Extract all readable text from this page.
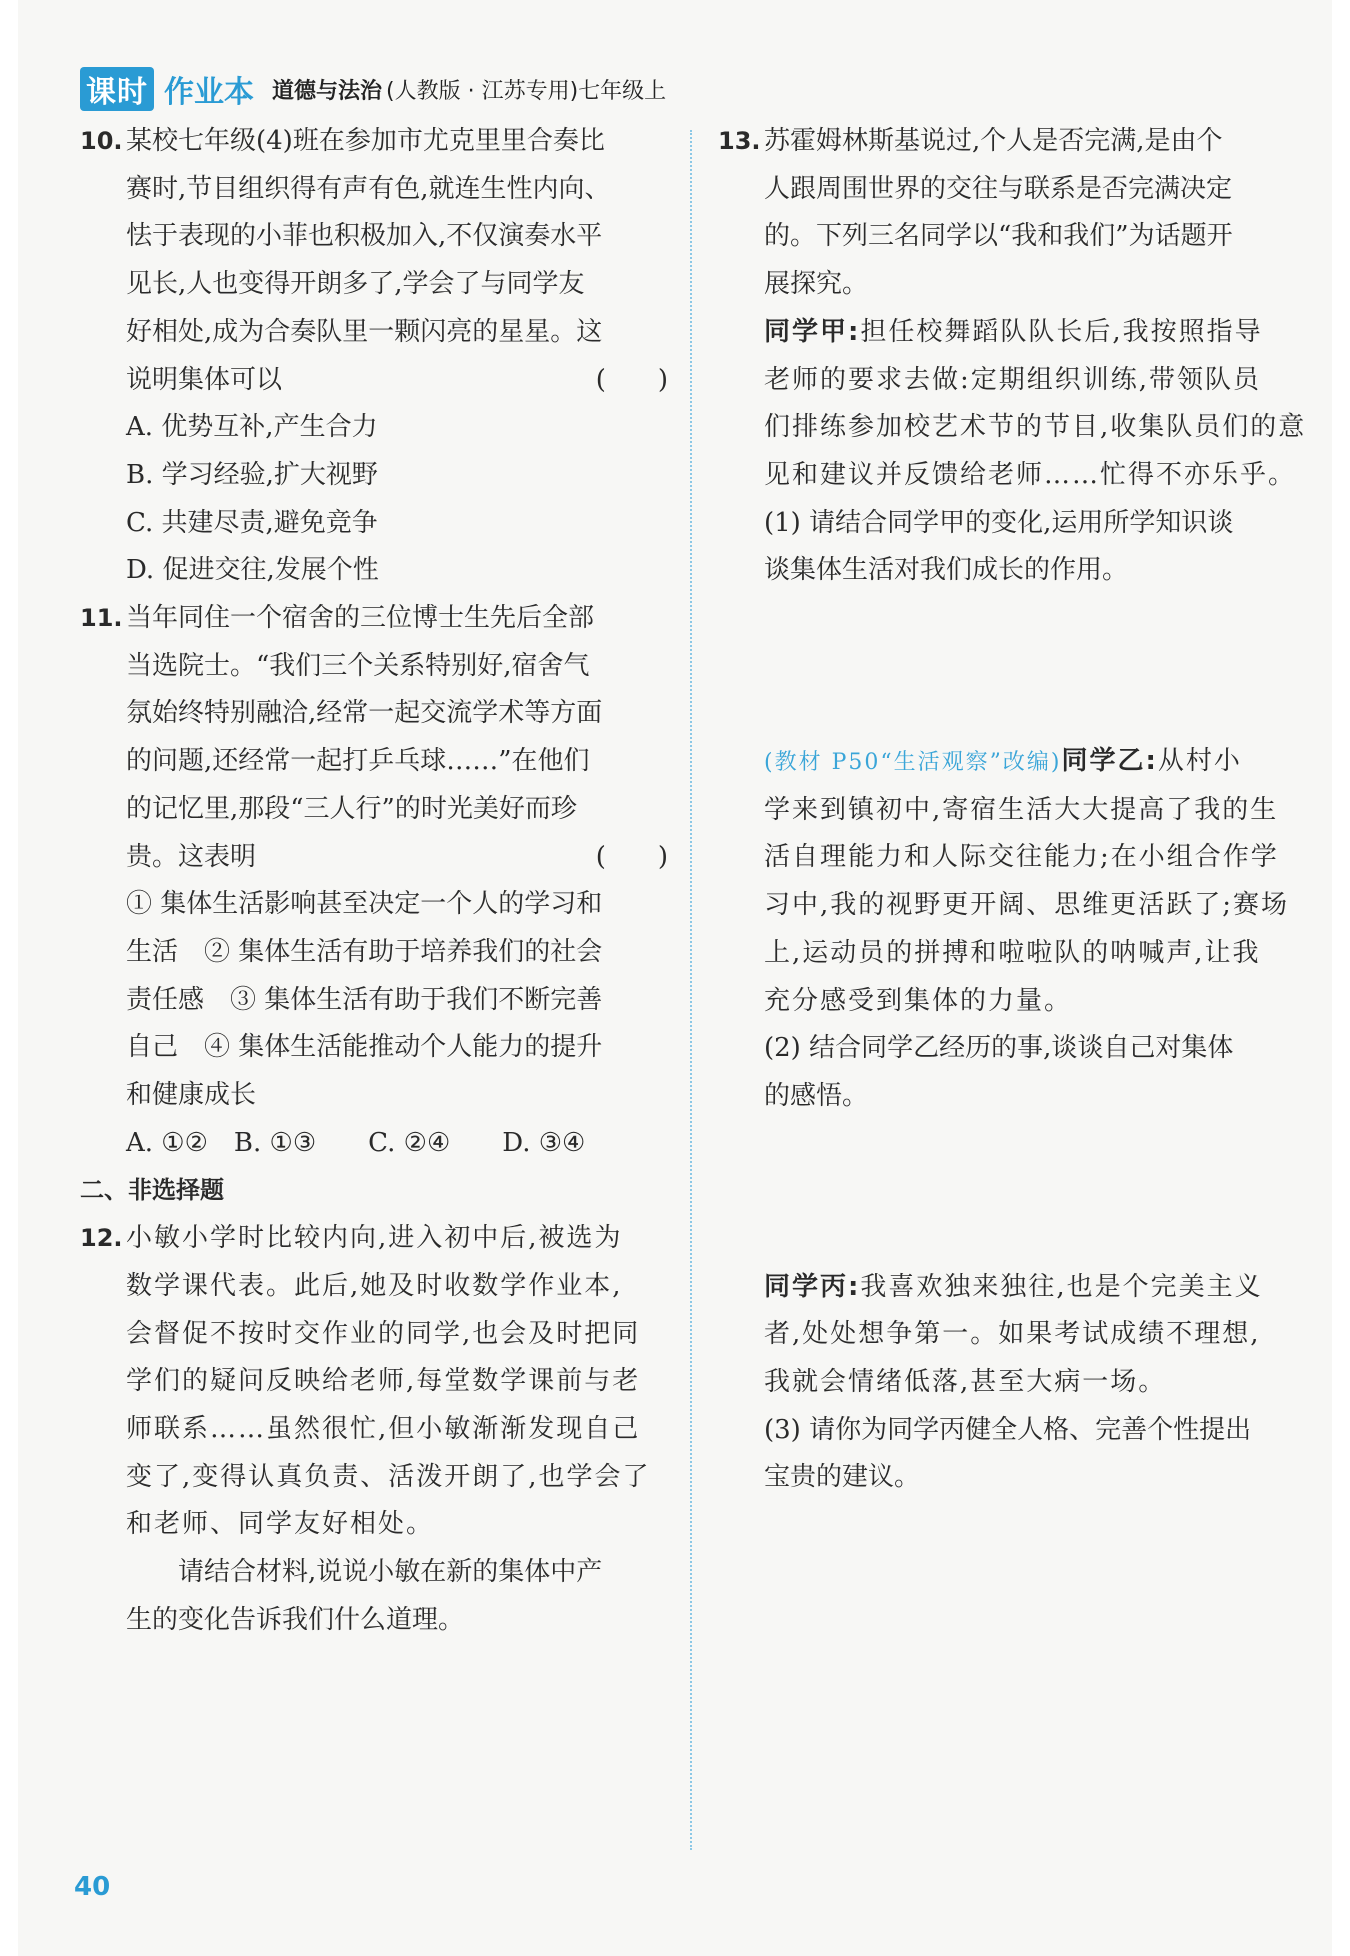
课时 作业本 道德与法治 (人教版 · 江苏专用)七年级上
10. 某校七年级(4)班在参加市尤克里里合奏比
赛时,节目组织得有声有色,就连生性内向、
怯于表现的小菲也积极加入,不仅演奏水平
见长,人也变得开朗多了,学会了与同学友
好相处,成为合奏队里一颗闪亮的星星。这
说明集体可以	(　　)
A. 优势互补,产生合力
B. 学习经验,扩大视野
C. 共建尽责,避免竞争
D. 促进交往,发展个性
11. 当年同住一个宿舍的三位博士生先后全部
当选院士。“我们三个关系特别好,宿舍气
氛始终特别融洽,经常一起交流学术等方面
的问题,还经常一起打乒乓球……”在他们
的记忆里,那段“三人行”的时光美好而珍
贵。这表明	(　　)
① 集体生活影响甚至决定一个人的学习和
生活　② 集体生活有助于培养我们的社会
责任感　③ 集体生活有助于我们不断完善
自己　④ 集体生活能推动个人能力的提升
和健康成长
A. ①②　B. ①③　　C. ②④　　D. ③④
二、非选择题
12. 小敏小学时比较内向,进入初中后,被选为
数学课代表。此后,她及时收数学作业本,
会督促不按时交作业的同学,也会及时把同
学们的疑问反映给老师,每堂数学课前与老
师联系……虽然很忙,但小敏渐渐发现自己
变了,变得认真负责、活泼开朗了,也学会了
和老师、同学友好相处。
请结合材料,说说小敏在新的集体中产
生的变化告诉我们什么道理。
13. 苏霍姆林斯基说过,个人是否完满,是由个
人跟周围世界的交往与联系是否完满决定
的。下列三名同学以“我和我们”为话题开
展探究。
同学甲:担任校舞蹈队队长后,我按照指导
老师的要求去做:定期组织训练,带领队员
们排练参加校艺术节的节目,收集队员们的意
见和建议并反馈给老师……忙得不亦乐乎。
(1) 请结合同学甲的变化,运用所学知识谈
谈集体生活对我们成长的作用。
(教材 P50“生活观察”改编)同学乙:从村小
学来到镇初中,寄宿生活大大提高了我的生
活自理能力和人际交往能力;在小组合作学
习中,我的视野更开阔、思维更活跃了;赛场
上,运动员的拼搏和啦啦队的呐喊声,让我
充分感受到集体的力量。
(2) 结合同学乙经历的事,谈谈自己对集体
的感悟。
同学丙:我喜欢独来独往,也是个完美主义
者,处处想争第一。如果考试成绩不理想,
我就会情绪低落,甚至大病一场。
(3) 请你为同学丙健全人格、完善个性提出
宝贵的建议。
40
